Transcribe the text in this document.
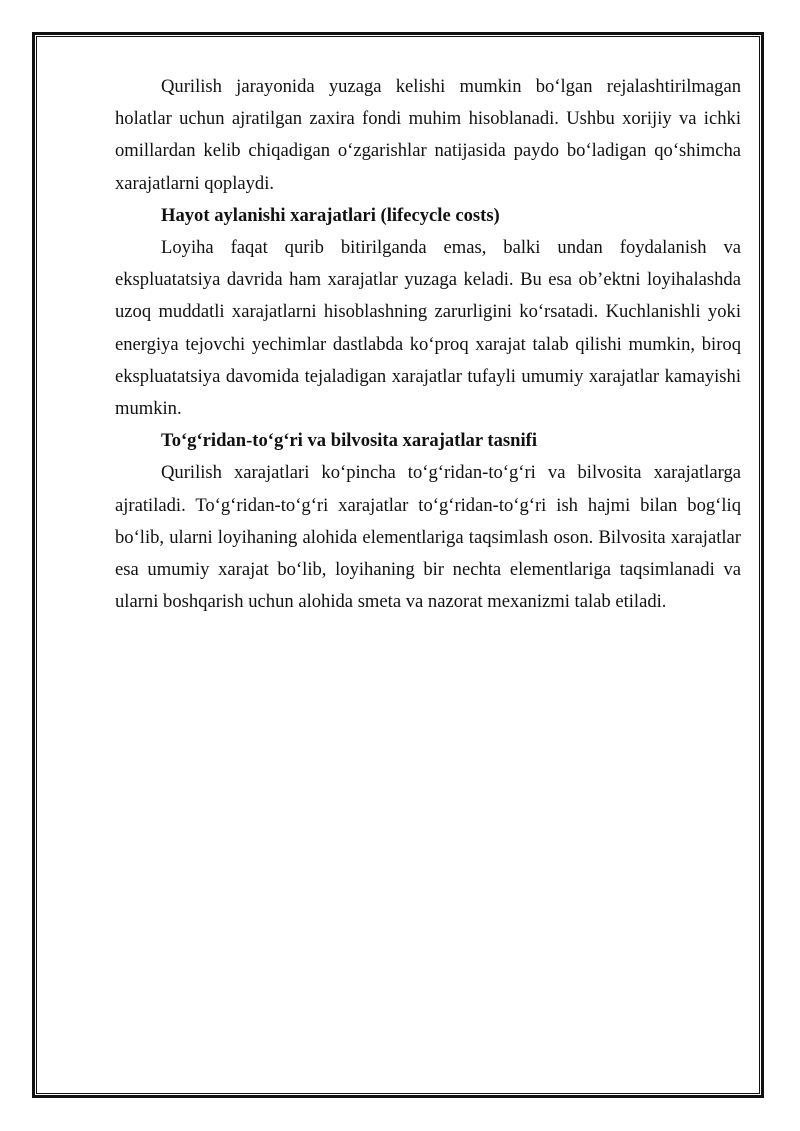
Qurilish jarayonida yuzaga kelishi mumkin bo‘lgan rejalashtirilmagan holatlar uchun ajratilgan zaxira fondi muhim hisoblanadi. Ushbu xorijiy va ichki omillardan kelib chiqadigan o‘zgarishlar natijasida paydo bo‘ladigan qo‘shimcha xarajatlarni qoplaydi.

Hayot aylanishi xarajatlari (lifecycle costs)

Loyiha faqat qurib bitirilganda emas, balki undan foydalanish va ekspluatatsiya davrida ham xarajatlar yuzaga keladi. Bu esa ob’ektni loyihalashda uzoq muddatli xarajatlarni hisoblashning zarurligini ko‘rsatadi. Kuchlanishli yoki energiya tejovchi yechimlar dastlabda ko‘proq xarajat talab qilishi mumkin, biroq ekspluatatsiya davomida tejaladigan xarajatlar tufayli umumiy xarajatlar kamayishi mumkin.

To‘g‘ridan-to‘g‘ri va bilvosita xarajatlar tasnifi

Qurilish xarajatlari ko‘pincha to‘g‘ridan-to‘g‘ri va bilvosita xarajatlarga ajratiladi. To‘g‘ridan-to‘g‘ri xarajatlar to‘g‘ridan-to‘g‘ri ish hajmi bilan bog‘liq bo‘lib, ularni loyihaning alohida elementlariga taqsimlash oson. Bilvosita xarajatlar esa umumiy xarajat bo‘lib, loyihaning bir nechta elementlariga taqsimlanadi va ularni boshqarish uchun alohida smeta va nazorat mexanizmi talab etiladi.
